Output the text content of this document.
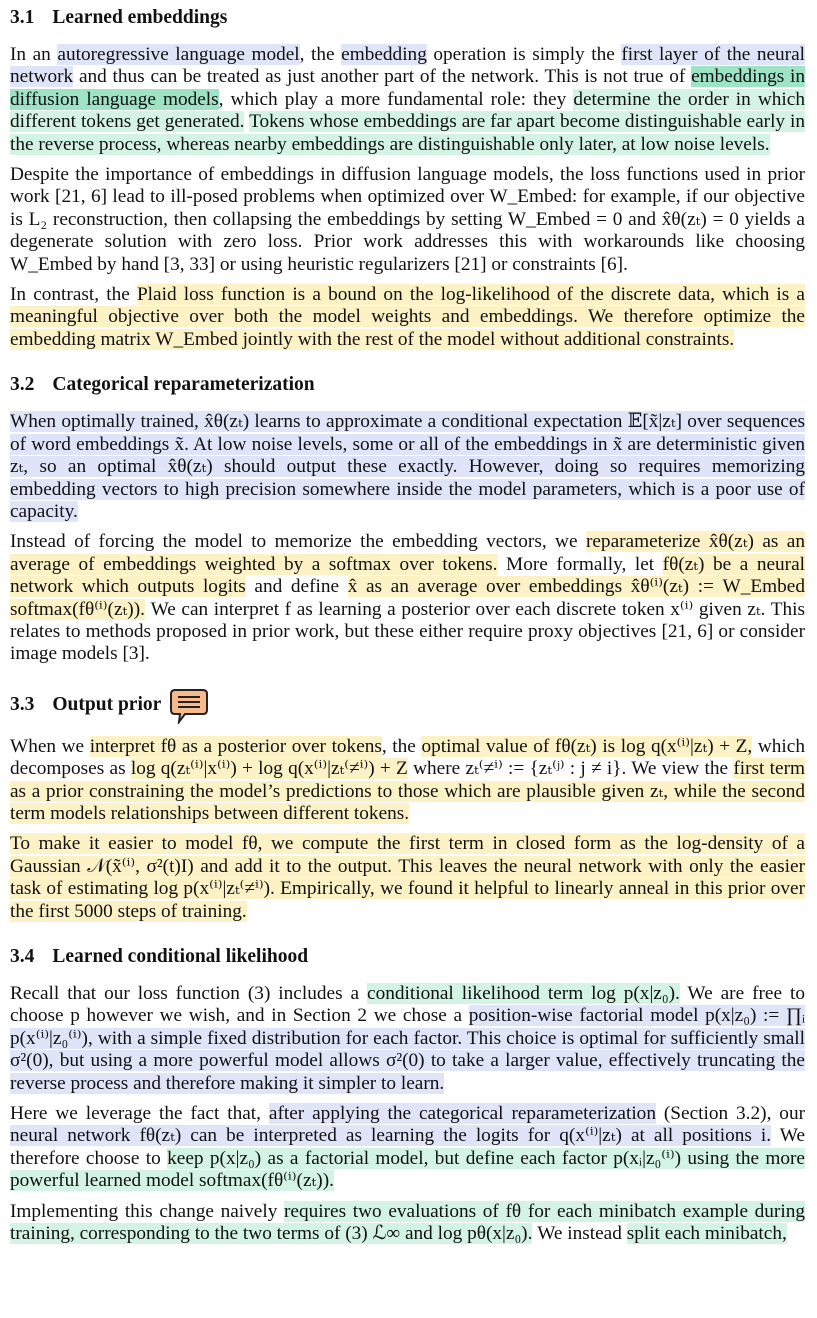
3.1 Learned embeddings

In an autoregressive language model, the embedding operation is simply the first layer of the neural network and thus can be treated as just another part of the network. This is not true of embeddings in diffusion language models, which play a more fundamental role: they determine the order in which different tokens get generated. Tokens whose embeddings are far apart become distinguishable early in the reverse process, whereas nearby embeddings are distinguishable only later, at low noise levels.

Despite the importance of embeddings in diffusion language models, the loss functions used in prior work [21, 6] lead to ill-posed problems when optimized over W_Embed: for example, if our objective is L₂ reconstruction, then collapsing the embeddings by setting W_Embed = 0 and x̂θ(zₜ) = 0 yields a degenerate solution with zero loss. Prior work addresses this with workarounds like choosing W_Embed by hand [3, 33] or using heuristic regularizers [21] or constraints [6].

In contrast, the Plaid loss function is a bound on the log-likelihood of the discrete data, which is a meaningful objective over both the model weights and embeddings. We therefore optimize the embedding matrix W_Embed jointly with the rest of the model without additional constraints.

3.2 Categorical reparameterization

When optimally trained, x̂θ(zₜ) learns to approximate a conditional expectation 𝔼[x̃|zₜ] over sequences of word embeddings x̃. At low noise levels, some or all of the embeddings in x̃ are deterministic given zₜ, so an optimal x̂θ(zₜ) should output these exactly. However, doing so requires memorizing embedding vectors to high precision somewhere inside the model parameters, which is a poor use of capacity.

Instead of forcing the model to memorize the embedding vectors, we reparameterize x̂θ(zₜ) as an average of embeddings weighted by a softmax over tokens. More formally, let fθ(zₜ) be a neural network which outputs logits and define x̂ as an average over embeddings x̂θ⁽ⁱ⁾(zₜ) := W_Embed softmax(fθ⁽ⁱ⁾(zₜ)). We can interpret f as learning a posterior over each discrete token x⁽ⁱ⁾ given zₜ. This relates to methods proposed in prior work, but these either require proxy objectives [21, 6] or consider image models [3].

3.3 Output prior

When we interpret fθ as a posterior over tokens, the optimal value of fθ(zₜ) is log q(x⁽ⁱ⁾|zₜ) + Z, which decomposes as log q(zₜ⁽ⁱ⁾|x⁽ⁱ⁾) + log q(x⁽ⁱ⁾|zₜ⁽≠ⁱ⁾) + Z where zₜ⁽≠ⁱ⁾ := {zₜ⁽ʲ⁾ : j ≠ i}. We view the first term as a prior constraining the model’s predictions to those which are plausible given zₜ, while the second term models relationships between different tokens.

To make it easier to model fθ, we compute the first term in closed form as the log-density of a Gaussian 𝒩(x̃⁽ⁱ⁾, σ²(t)I) and add it to the output. This leaves the neural network with only the easier task of estimating log p(x⁽ⁱ⁾|zₜ⁽≠ⁱ⁾). Empirically, we found it helpful to linearly anneal in this prior over the first 5000 steps of training.

3.4 Learned conditional likelihood

Recall that our loss function (3) includes a conditional likelihood term log p(x|z₀). We are free to choose p however we wish, and in Section 2 we chose a position-wise factorial model p(x|z₀) := ∏ᵢ p(x⁽ⁱ⁾|z₀⁽ⁱ⁾), with a simple fixed distribution for each factor. This choice is optimal for sufficiently small σ²(0), but using a more powerful model allows σ²(0) to take a larger value, effectively truncating the reverse process and therefore making it simpler to learn.

Here we leverage the fact that, after applying the categorical reparameterization (Section 3.2), our neural network fθ(zₜ) can be interpreted as learning the logits for q(x⁽ⁱ⁾|zₜ) at all positions i. We therefore choose to keep p(x|z₀) as a factorial model, but define each factor p(xᵢ|z₀⁽ⁱ⁾) using the more powerful learned model softmax(fθ⁽ⁱ⁾(zₜ)).

Implementing this change naively requires two evaluations of fθ for each minibatch example during training, corresponding to the two terms of (3) ℒ∞ and log pθ(x|z₀). We instead split each minibatch,
